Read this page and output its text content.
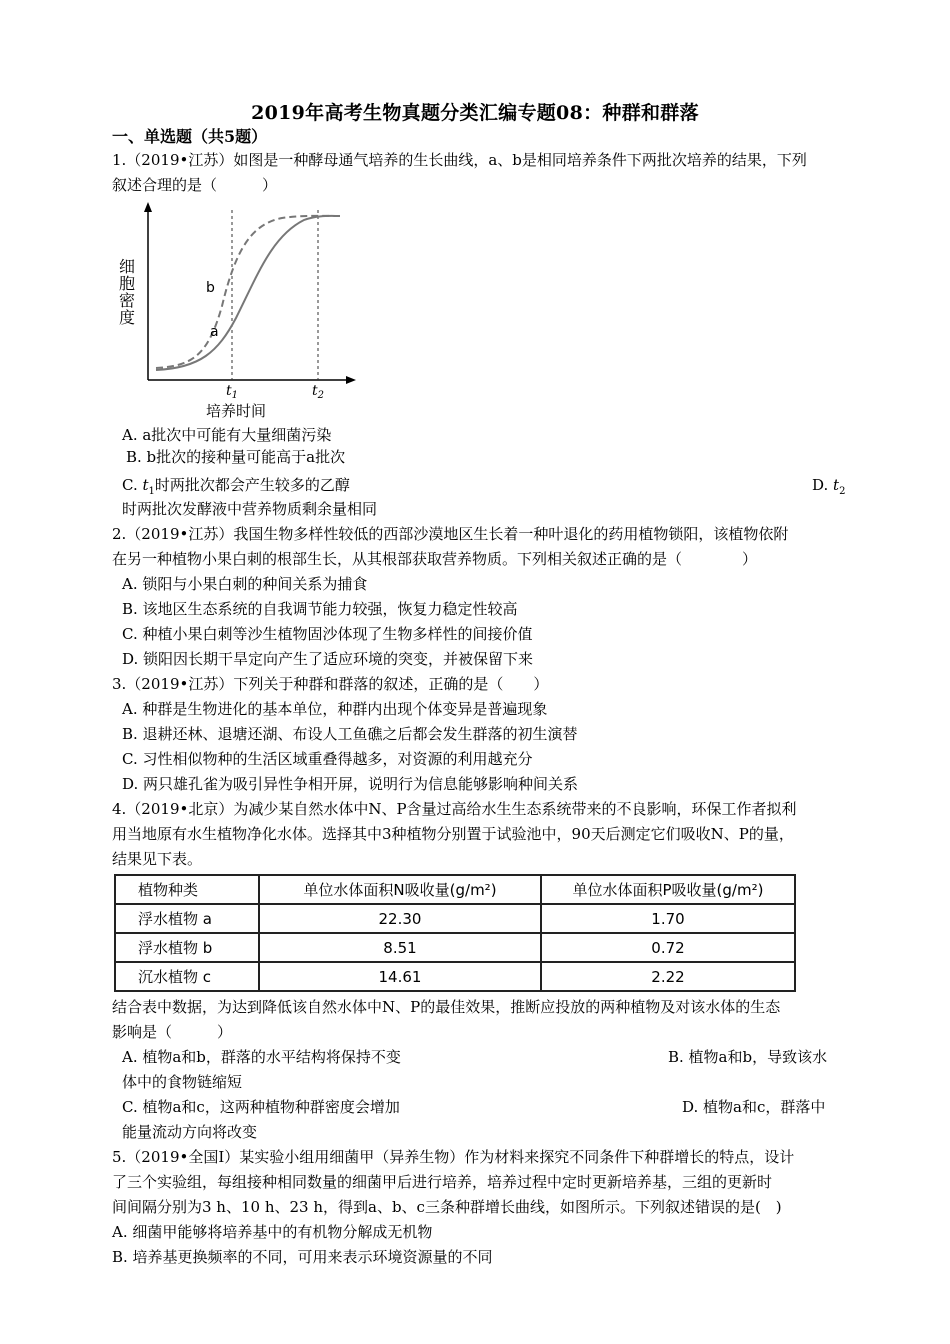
2019年高考生物真题分类汇编专题08：种群和群落
一、单选题（共5题）
1.（2019•江苏）如图是一种酵母通气培养的生长曲线，a、b是相同培养条件下两批次培养的结果，下列
叙述合理的是（　　　）
细胞密度	b
a
$t_1$	$t_2$
培养时间
A. a批次中可能有大量细菌污染
B. b批次的接种量可能高于a批次
C. $t_1$时两批次都会产生较多的乙醇	D. $t_2$
时两批次发酵液中营养物质剩余量相同
2.（2019•江苏）我国生物多样性较低的西部沙漠地区生长着一种叶退化的药用植物锁阳，该植物依附
在另一种植物小果白刺的根部生长，从其根部获取营养物质。下列相关叙述正确的是（　　　　）
A. 锁阳与小果白刺的种间关系为捕食
B. 该地区生态系统的自我调节能力较强，恢复力稳定性较高
C. 种植小果白刺等沙生植物固沙体现了生物多样性的间接价值
D. 锁阳因长期干旱定向产生了适应环境的突变，并被保留下来
3.（2019•江苏）下列关于种群和群落的叙述，正确的是（　　）
A. 种群是生物进化的基本单位，种群内出现个体变异是普遍现象
B. 退耕还林、退塘还湖、布设人工鱼礁之后都会发生群落的初生演替
C. 习性相似物种的生活区域重叠得越多，对资源的利用越充分
D. 两只雄孔雀为吸引异性争相开屏，说明行为信息能够影响种间关系
4.（2019•北京）为减少某自然水体中N、P含量过高给水生生态系统带来的不良影响，环保工作者拟利
用当地原有水生植物净化水体。选择其中3种植物分别置于试验池中，90天后测定它们吸收N、P的量，
结果见下表。
植物种类	单位水体面积N吸收量(g/m²)	单位水体面积P吸收量(g/m²)
浮水植物 a	22.30	1.70
浮水植物 b	8.51	0.72
沉水植物 c	14.61	2.22
结合表中数据，为达到降低该自然水体中N、P的最佳效果，推断应投放的两种植物及对该水体的生态
影响是（　　　）
A. 植物a和b，群落的水平结构将保持不变	B. 植物a和b，导致该水
体中的食物链缩短
C. 植物a和c，这两种植物种群密度会增加	D. 植物a和c，群落中
能量流动方向将改变
5.（2019•全国Ⅰ）某实验小组用细菌甲（异养生物）作为材料来探究不同条件下种群增长的特点，设计
了三个实验组，每组接种相同数量的细菌甲后进行培养，培养过程中定时更新培养基，三组的更新时
间间隔分别为3 h、10 h、23 h，得到a、b、c三条种群增长曲线，如图所示。下列叙述错误的是(　)
A. 细菌甲能够将培养基中的有机物分解成无机物
B. 培养基更换频率的不同，可用来表示环境资源量的不同
